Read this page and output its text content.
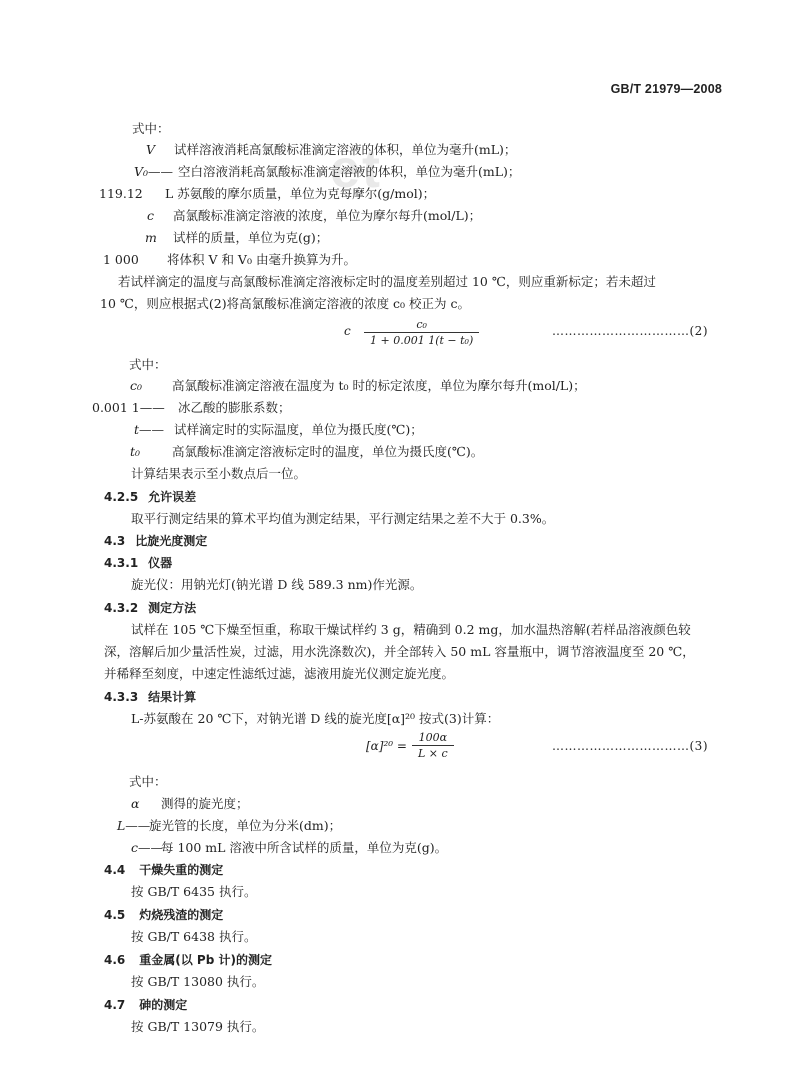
GB/T 21979—2008
et
式中：
V 试样溶液消耗高氯酸标准滴定溶液的体积，单位为毫升(mL)；
V₀—— 空白溶液消耗高氯酸标准滴定溶液的体积，单位为毫升(mL)；
119.12 L 苏氨酸的摩尔质量，单位为克每摩尔(g/mol)；
c 高氯酸标准滴定溶液的浓度，单位为摩尔每升(mol/L)；
m 试样的质量，单位为克(g)；
1 000 将体积 V 和 V₀ 由毫升换算为升。
若试样滴定的温度与高氯酸标准滴定溶液标定时的温度差别超过 10 ℃，则应重新标定；若未超过
10 ℃，则应根据式(2)将高氯酸标准滴定溶液的浓度 c₀ 校正为 c。
c	c₀
1 + 0.001 1(t − t₀)
……………………………(2)
式中：
c₀ 高氯酸标准滴定溶液在温度为 t₀ 时的标定浓度，单位为摩尔每升(mol/L)；
0.001 1—— 冰乙酸的膨胀系数；
t—— 试样滴定时的实际温度，单位为摄氏度(℃)；
t₀	高氯酸标准滴定溶液标定时的温度，单位为摄氏度(℃)。
计算结果表示至小数点后一位。
4.2.5 允许误差
取平行测定结果的算术平均值为测定结果，平行测定结果之差不大于 0.3%。
4.3 比旋光度测定
4.3.1 仪器
旋光仪：用钠光灯(钠光谱 D 线 589.3 nm)作光源。
4.3.2 测定方法
试样在 105 ℃下燥至恒重，称取干燥试样约 3 g，精确到 0.2 mg，加水温热溶解(若样品溶液颜色较
深，溶解后加少量活性炭，过滤，用水洗涤数次)，并全部转入 50 mL 容量瓶中，调节溶液温度至 20 ℃，
并稀释至刻度，中速定性滤纸过滤，滤液用旋光仪测定旋光度。
4.3.3 结果计算
L-苏氨酸在 20 ℃下，对钠光谱 D 线的旋光度[α]²⁰ 按式(3)计算：
[α]²⁰ =
100α
L × c
……………………………(3)
式中：
α 测得的旋光度；
L—— 旋光管的长度，单位为分米(dm)；
c—— 每 100 mL 溶液中所含试样的质量，单位为克(g)。
4.4 干燥失重的测定
按 GB/T 6435 执行。
4.5 灼烧残渣的测定
按 GB/T 6438 执行。
4.6 重金属(以 Pb 计)的测定
按 GB/T 13080 执行。
4.7 砷的测定
按 GB/T 13079 执行。
